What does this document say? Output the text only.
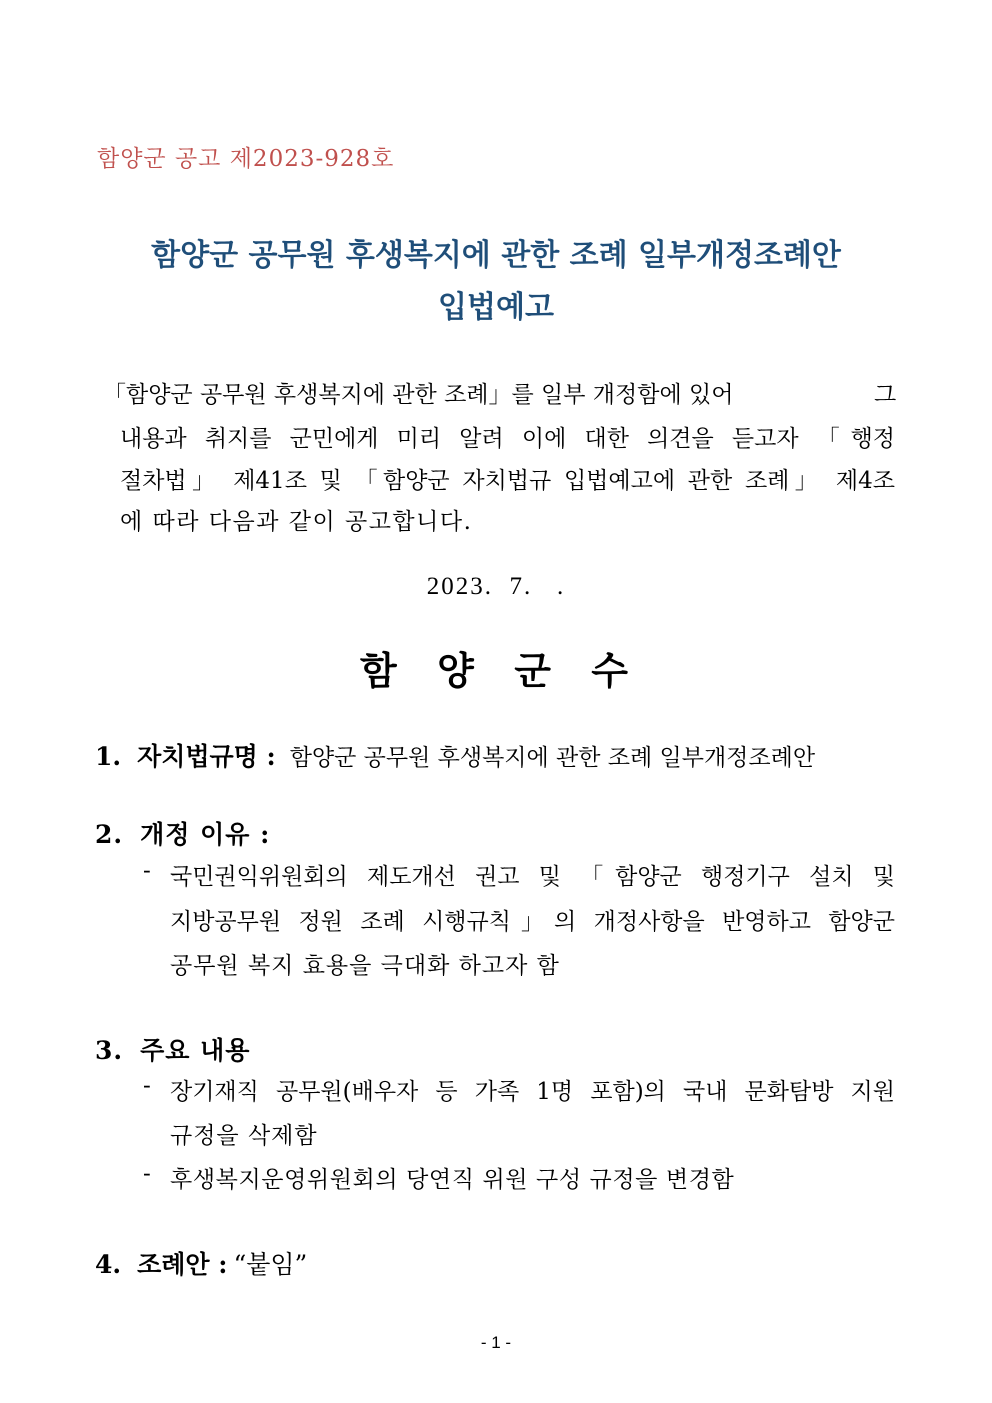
함양군 공고 제2023-928호
함양군 공무원 후생복지에 관한 조례 일부개정조례안
입법예고
「함양군 공무원 후생복지에 관한 조례」를 일부 개정함에 있어	그
내용과 취지를 군민에게 미리 알려 이에 대한 의견을 듣고자 「행정
절차법」 제41조 및 「함양군 자치법규 입법예고에 관한 조례」 제4조
에 따라 다음과 같이 공고합니다.
2023.  7.   .
함 양 군 수
1. 자치법규명 : 함양군 공무원 후생복지에 관한 조례 일부개정조례안
2. 개정 이유 :
- 국민권익위원회의 제도개선 권고 및 「함양군 행정기구 설치 및
지방공무원 정원 조례 시행규칙」의 개정사항을 반영하고 함양군
공무원 복지 효용을 극대화 하고자 함
3. 주요 내용
- 장기재직 공무원(배우자 등 가족 1명 포함)의 국내 문화탐방 지원
규정을 삭제함
- 후생복지운영위원회의 당연직 위원 구성 규정을 변경함
4. 조례안 : “붙임”
- 1 -
